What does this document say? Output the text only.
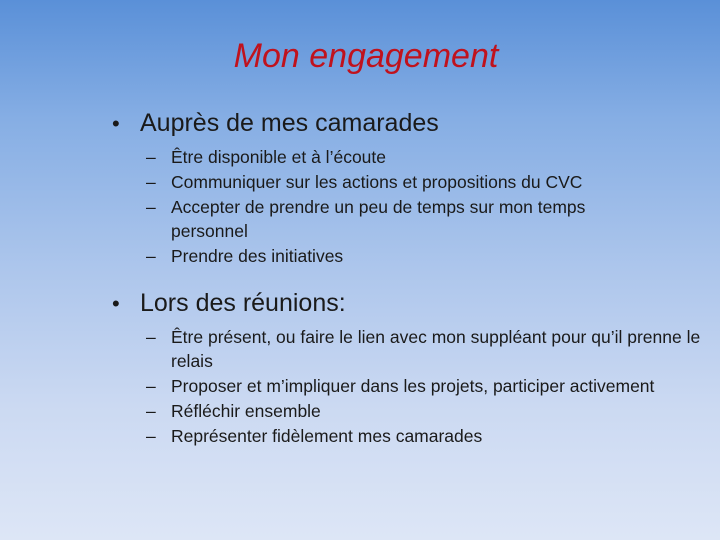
Mon engagement
• Auprès de mes camarades
– Être disponible et à l’écoute
– Communiquer sur les actions et propositions du CVC
– Accepter de prendre un peu de temps sur mon temps personnel
– Prendre des initiatives
• Lors des réunions:
– Être présent, ou faire le lien avec mon suppléant pour qu’il prenne le relais
– Proposer et m’impliquer dans les projets, participer activement
– Réfléchir ensemble
– Représenter fidèlement mes camarades
